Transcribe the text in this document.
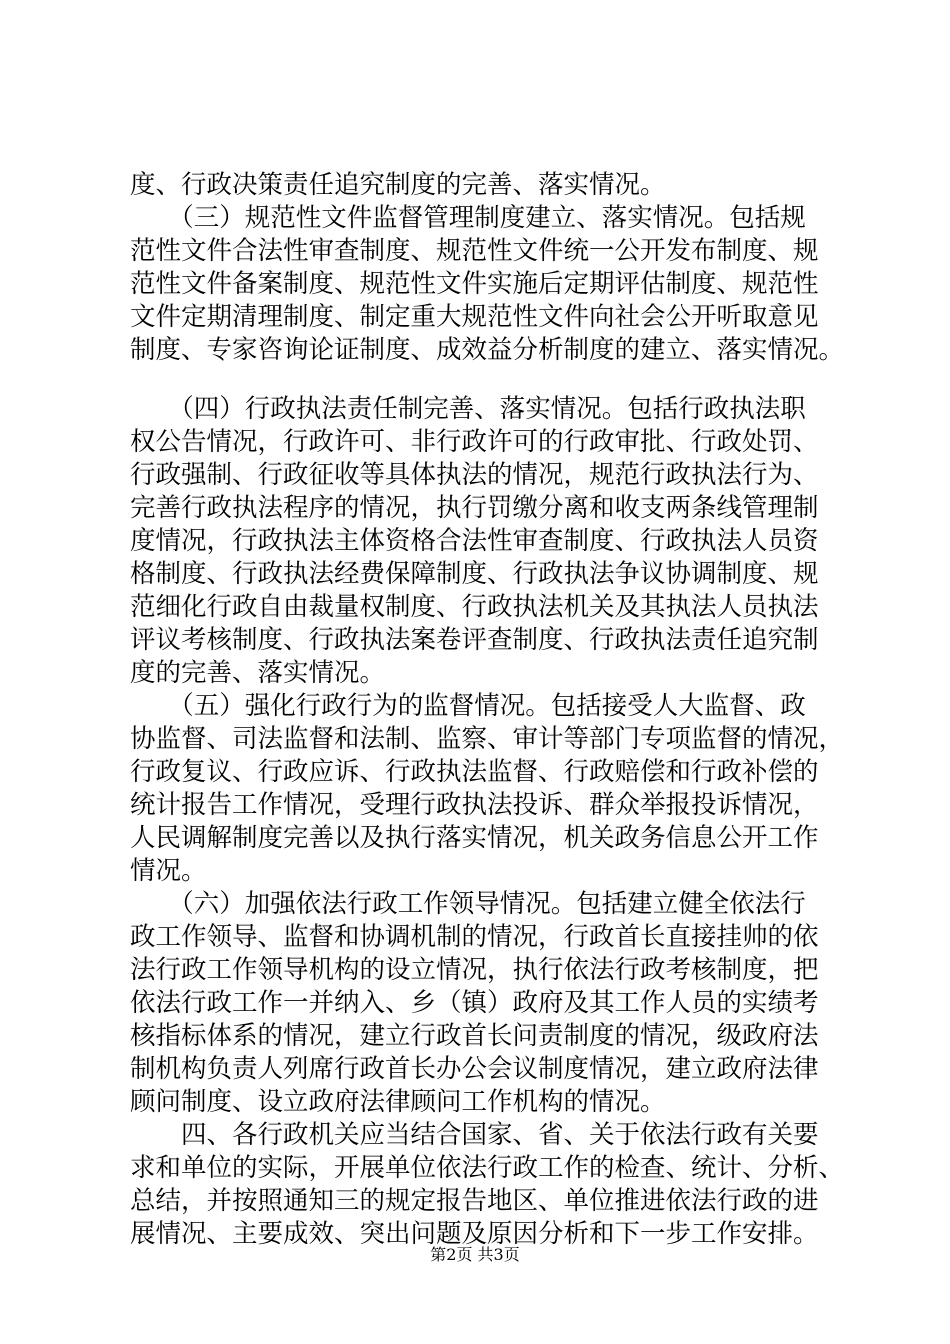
度、行政决策责任追究制度的完善、落实情况。
　　（三）规范性文件监督管理制度建立、落实情况。包括规
范性文件合法性审查制度、规范性文件统一公开发布制度、规
范性文件备案制度、规范性文件实施后定期评估制度、规范性
文件定期清理制度、制定重大规范性文件向社会公开听取意见
制度、专家咨询论证制度、成效益分析制度的建立、落实情况。
　　（四）行政执法责任制完善、落实情况。包括行政执法职
权公告情况，行政许可、非行政许可的行政审批、行政处罚、
行政强制、行政征收等具体执法的情况，规范行政执法行为、
完善行政执法程序的情况，执行罚缴分离和收支两条线管理制
度情况，行政执法主体资格合法性审查制度、行政执法人员资
格制度、行政执法经费保障制度、行政执法争议协调制度、规
范细化行政自由裁量权制度、行政执法机关及其执法人员执法
评议考核制度、行政执法案卷评查制度、行政执法责任追究制
度的完善、落实情况。
　　（五）强化行政行为的监督情况。包括接受人大监督、政
协监督、司法监督和法制、监察、审计等部门专项监督的情况，
行政复议、行政应诉、行政执法监督、行政赔偿和行政补偿的
统计报告工作情况，受理行政执法投诉、群众举报投诉情况，
人民调解制度完善以及执行落实情况，机关政务信息公开工作
情况。
　　（六）加强依法行政工作领导情况。包括建立健全依法行
政工作领导、监督和协调机制的情况，行政首长直接挂帅的依
法行政工作领导机构的设立情况，执行依法行政考核制度，把
依法行政工作一并纳入、乡（镇）政府及其工作人员的实绩考
核指标体系的情况，建立行政首长问责制度的情况，级政府法
制机构负责人列席行政首长办公会议制度情况，建立政府法律
顾问制度、设立政府法律顾问工作机构的情况。
　　四、各行政机关应当结合国家、省、关于依法行政有关要
求和单位的实际，开展单位依法行政工作的检查、统计、分析、
总结，并按照通知三的规定报告地区、单位推进依法行政的进
展情况、主要成效、突出问题及原因分析和下一步工作安排。
第2页 共3页
